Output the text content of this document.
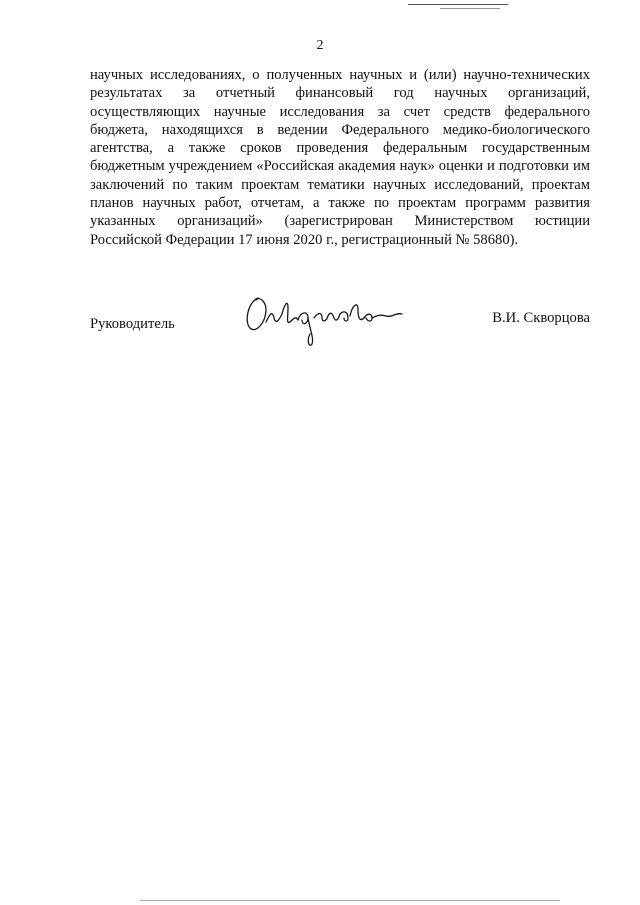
2
научных исследованиях, о полученных научных и (или) научно-технических результатах за отчетный финансовый год научных организаций, осуществляющих научные исследования за счет средств федерального бюджета, находящихся в ведении Федерального медико-биологического агентства, а также сроков проведения федеральным государственным бюджетным учреждением «Российская академия наук» оценки и подготовки им заключений по таким проектам тематики научных исследований, проектам планов научных работ, отчетам, а также по проектам программ развития указанных организаций» (зарегистрирован Министерством юстиции Российской Федерации 17 июня 2020 г., регистрационный № 58680).
Руководитель	В.И. Скворцова
